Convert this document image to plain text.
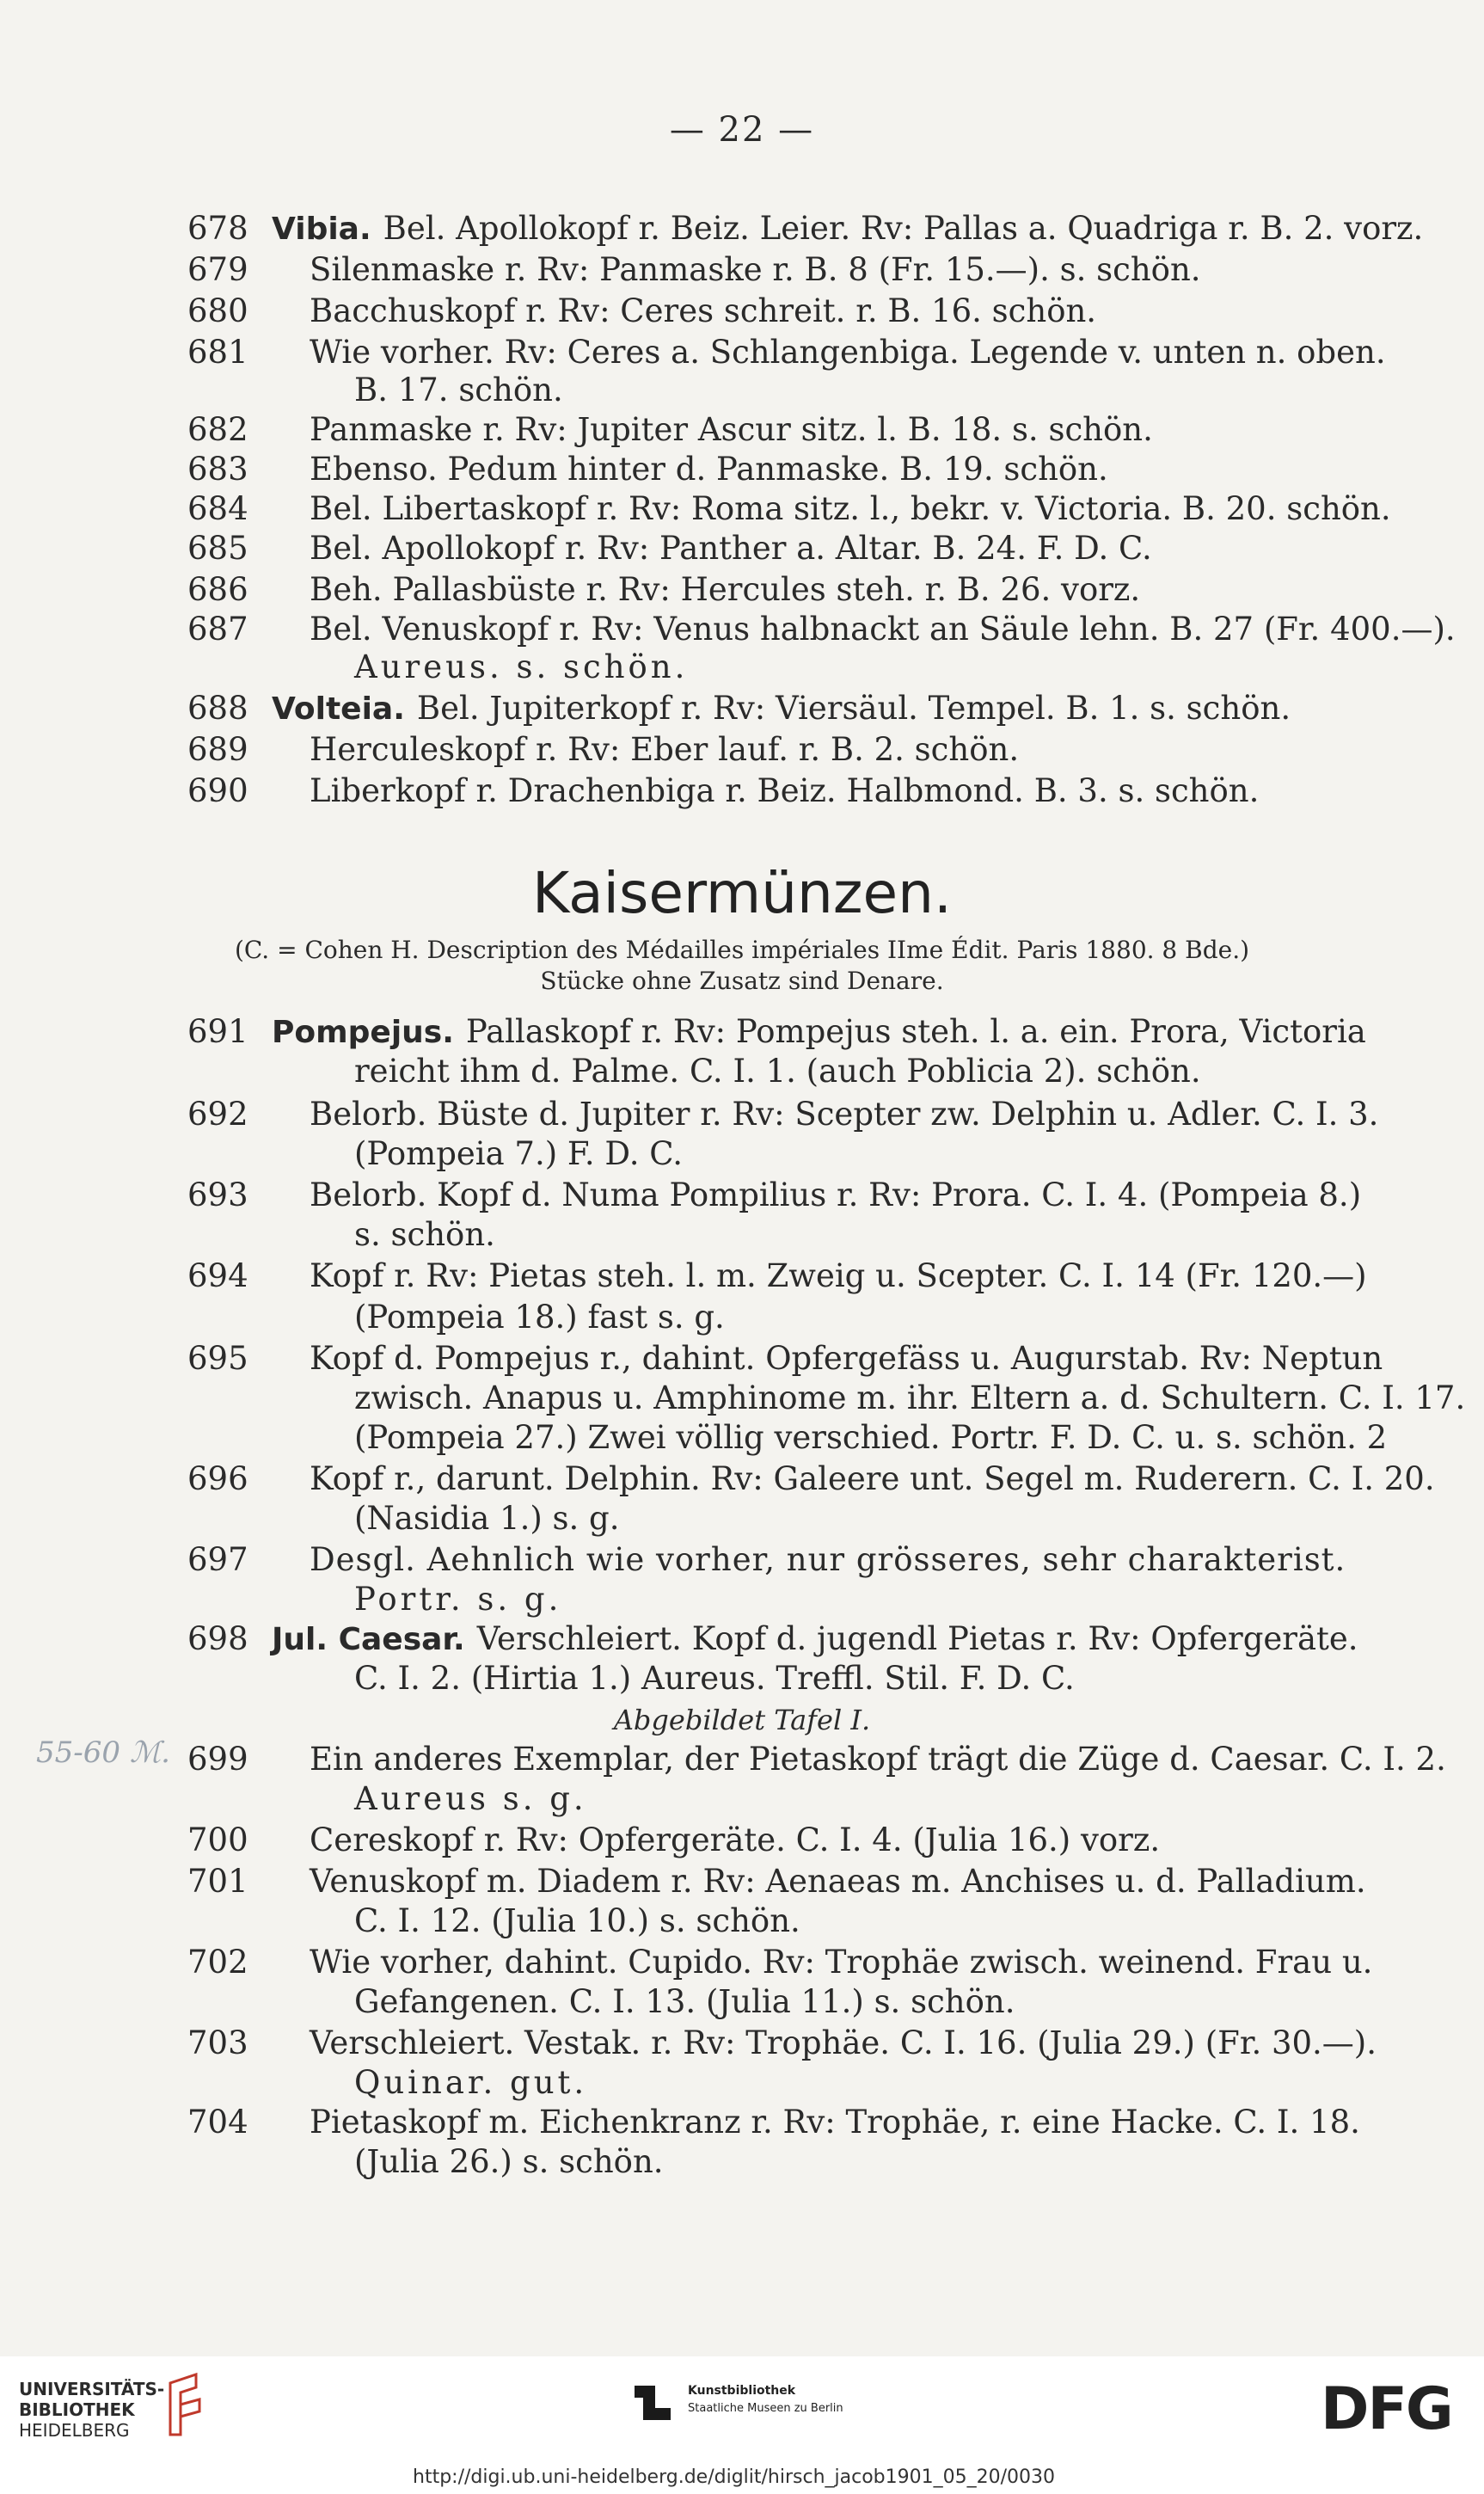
— 22 —
678 Vibia. Bel. Apollokopf r. Beiz. Leier. Rv: Pallas a. Quadriga r. B. 2. vorz.
679	Silenmaske r. Rv: Panmaske r. B. 8 (Fr. 15.—). s. schön.
680	Bacchuskopf r. Rv: Ceres schreit. r. B. 16. schön.
681	Wie vorher. Rv: Ceres a. Schlangenbiga. Legende v. unten n. oben.
B. 17. schön.
682	Panmaske r. Rv: Jupiter Ascur sitz. l. B. 18. s. schön.
683	Ebenso. Pedum hinter d. Panmaske. B. 19. schön.
684	Bel. Libertaskopf r. Rv: Roma sitz. l., bekr. v. Victoria. B. 20. schön.
685	Bel. Apollokopf r. Rv: Panther a. Altar. B. 24. F. D. C.
686	Beh. Pallasbüste r. Rv: Hercules steh. r. B. 26. vorz.
687	Bel. Venuskopf r. Rv: Venus halbnackt an Säule lehn. B. 27 (Fr. 400.—).
Aureus. s. schön.
688 Volteia. Bel. Jupiterkopf r. Rv: Viersäul. Tempel. B. 1. s. schön.
689	Herculeskopf r. Rv: Eber lauf. r. B. 2. schön.
690	Liberkopf r. Drachenbiga r. Beiz. Halbmond. B. 3. s. schön.
Kaisermünzen.
(C. = Cohen H. Description des Médailles impériales IIme Édit. Paris 1880. 8 Bde.)
Stücke ohne Zusatz sind Denare.
691 Pompejus. Pallaskopf r. Rv: Pompejus steh. l. a. ein. Prora, Victoria
reicht ihm d. Palme. C. I. 1. (auch Poblicia 2). schön.
692	Belorb. Büste d. Jupiter r. Rv: Scepter zw. Delphin u. Adler. C. I. 3.
(Pompeia 7.) F. D. C.
693	Belorb. Kopf d. Numa Pompilius r. Rv: Prora. C. I. 4. (Pompeia 8.)
s. schön.
694	Kopf r. Rv: Pietas steh. l. m. Zweig u. Scepter. C. I. 14 (Fr. 120.—)
(Pompeia 18.) fast s. g.
695	Kopf d. Pompejus r., dahint. Opfergefäss u. Augurstab. Rv: Neptun
zwisch. Anapus u. Amphinome m. ihr. Eltern a. d. Schultern. C. I. 17.
(Pompeia 27.) Zwei völlig verschied. Portr. F. D. C. u. s. schön. 2
696	Kopf r., darunt. Delphin. Rv: Galeere unt. Segel m. Ruderern. C. I. 20.
(Nasidia 1.) s. g.
697	Desgl. Aehnlich wie vorher, nur grösseres, sehr charakterist.
Portr. s. g.
698 Jul. Caesar. Verschleiert. Kopf d. jugendl Pietas r. Rv: Opfergeräte.
C. I. 2. (Hirtia 1.) Aureus. Treffl. Stil. F. D. C.
Abgebildet Tafel I.
699	Ein anderes Exemplar, der Pietaskopf trägt die Züge d. Caesar. C. I. 2.
Aureus s. g.
700	Cereskopf r. Rv: Opfergeräte. C. I. 4. (Julia 16.) vorz.
701	Venuskopf m. Diadem r. Rv: Aenaeas m. Anchises u. d. Palladium.
C. I. 12. (Julia 10.) s. schön.
702	Wie vorher, dahint. Cupido. Rv: Trophäe zwisch. weinend. Frau u.
Gefangenen. C. I. 13. (Julia 11.) s. schön.
703	Verschleiert. Vestak. r. Rv: Trophäe. C. I. 16. (Julia 29.) (Fr. 30.—).
Quinar. gut.
704	Pietaskopf m. Eichenkranz r. Rv: Trophäe, r. eine Hacke. C. I. 18.
(Julia 26.) s. schön.
55-60 ℳ.
UNIVERSITÄTS-
BIBLIOTHEK
HEIDELBERG
Kunstbibliothek
Staatliche Museen zu Berlin	DFG
http://digi.ub.uni-heidelberg.de/diglit/hirsch_jacob1901_05_20/0030
